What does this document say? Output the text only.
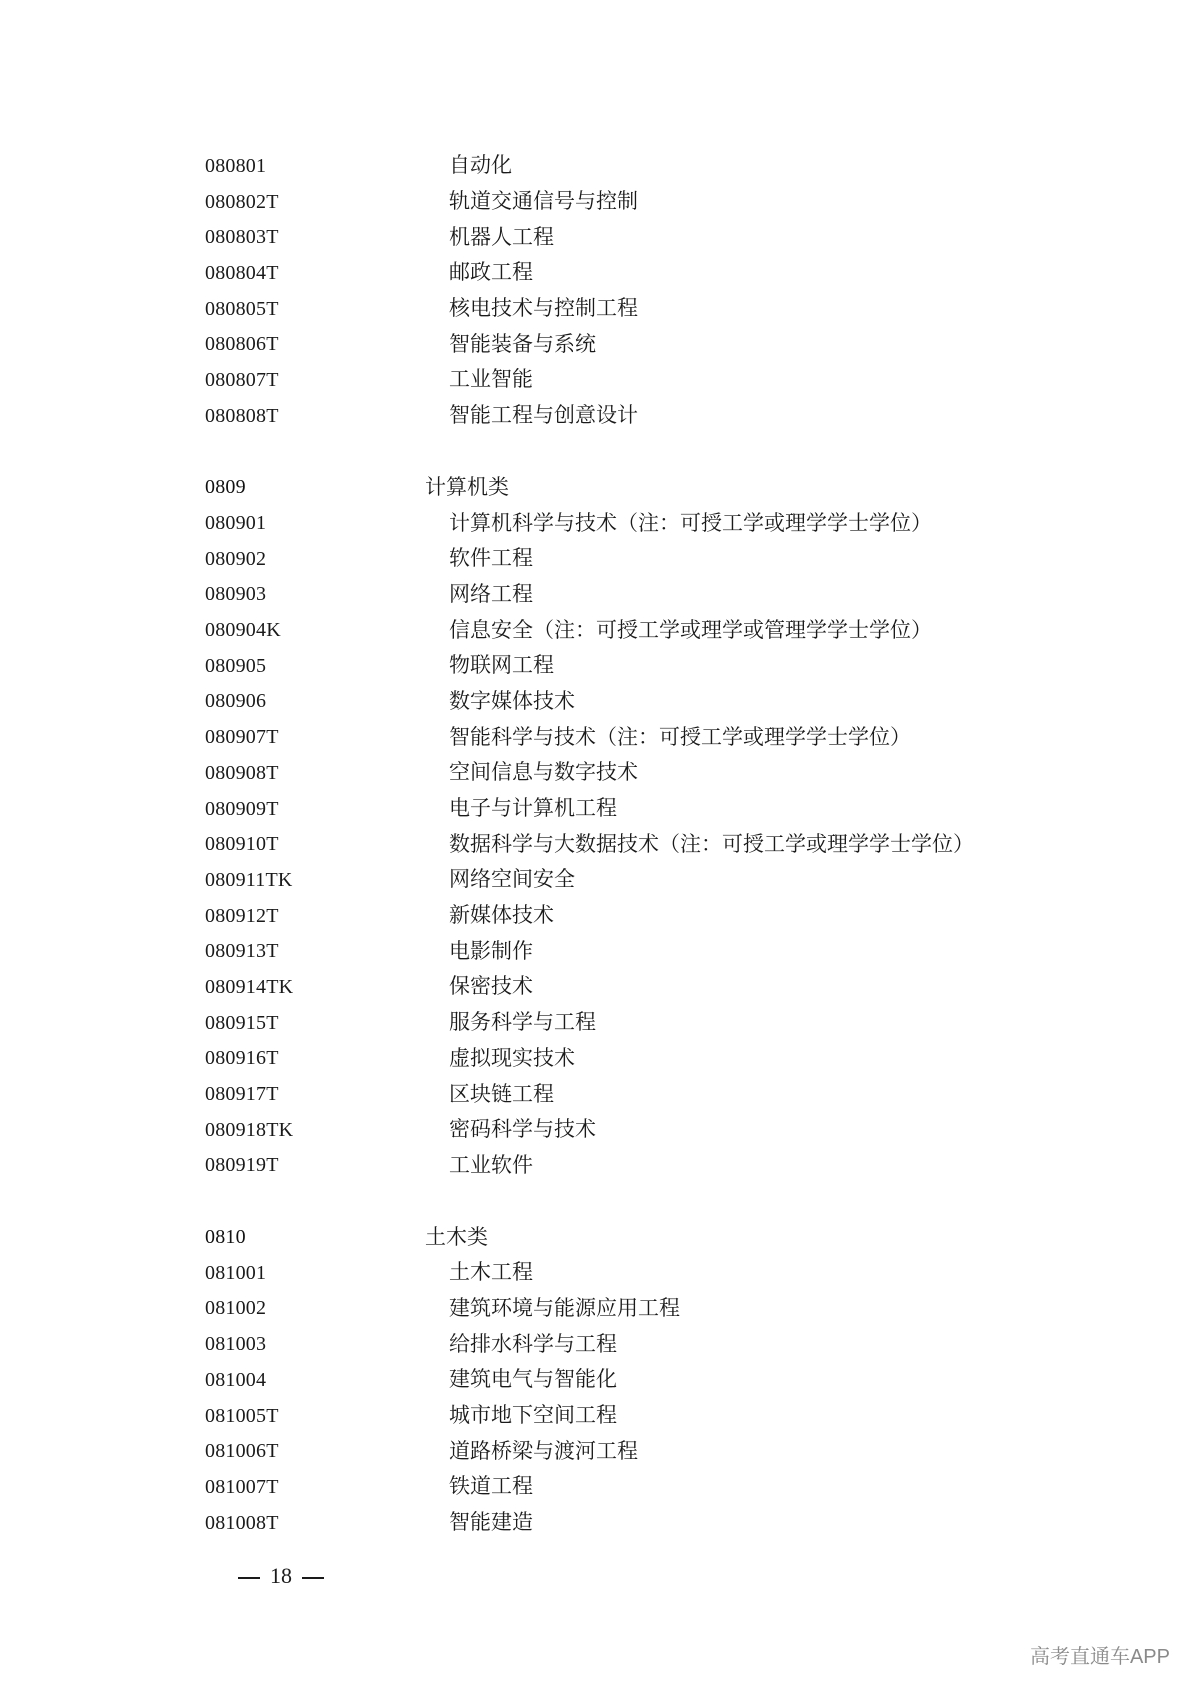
080801	自动化
080802T	轨道交通信号与控制
080803T	机器人工程
080804T	邮政工程
080805T	核电技术与控制工程
080806T	智能装备与系统
080807T	工业智能
080808T	智能工程与创意设计
0809	计算机类
080901	计算机科学与技术（注：可授工学或理学学士学位）
080902	软件工程
080903	网络工程
080904K	信息安全（注：可授工学或理学或管理学学士学位）
080905	物联网工程
080906	数字媒体技术
080907T	智能科学与技术（注：可授工学或理学学士学位）
080908T	空间信息与数字技术
080909T	电子与计算机工程
080910T	数据科学与大数据技术（注：可授工学或理学学士学位）
080911TK	网络空间安全
080912T	新媒体技术
080913T	电影制作
080914TK	保密技术
080915T	服务科学与工程
080916T	虚拟现实技术
080917T	区块链工程
080918TK	密码科学与技术
080919T	工业软件
0810	土木类
081001	土木工程
081002	建筑环境与能源应用工程
081003	给排水科学与工程
081004	建筑电气与智能化
081005T	城市地下空间工程
081006T	道路桥梁与渡河工程
081007T	铁道工程
081008T	智能建造
18
高考直通车APP
